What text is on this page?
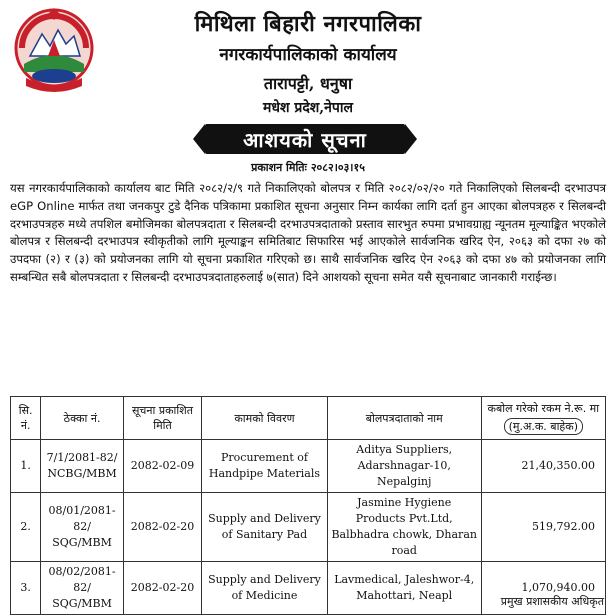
मिथिला बिहारी नगरपालिका
नगरकार्यपालिकाको कार्यालय
तारापट्टी, धनुषा
मधेश प्रदेश,नेपाल
आशयको सूचना
प्रकाशन मितिः २०८२।०३।१५
यस नगरकार्यपालिकाको कार्यालय बाट मिति २०८२/२/९ गते निकालिएको बोलपत्र र मिति २०८२/०२/२० गते निकालिएको सिलबन्दी दरभाउपत्र eGP Online मार्फत तथा जनकपुर टुडे दैनिक पत्रिकामा प्रकाशित सूचना अनुसार निम्न कार्यका लागि दर्ता हुन आएका बोलपत्रहरु र सिलबन्दी दरभाउपत्रहरु मध्ये तपशिल बमोजिमका बोलपत्रदाता र सिलबन्दी दरभाउपत्रदाताको प्रस्ताव सारभुत रुपमा प्रभावग्राह्य न्यूनतम मूल्याङ्कित भएकोले बोलपत्र र सिलबन्दी दरभाउपत्र स्वीकृतीको लागि मूल्याङ्कन समितिबाट सिफारिस भई आएकोले सार्वजनिक खरिद ऐन, २०६३ को दफा २७ को उपदफा (२) र (३) को प्रयोजनका लागि यो सूचना प्रकाशित गरिएको छ। साथै सार्वजनिक खरिद ऐन २०६३ को दफा ४७ को प्रयोजनका लागि सम्बन्धित सबै बोलपत्रदाता र सिलबन्दी दरभाउपत्रदाताहरुलाई ७(सात) दिने आशयको सूचना समेत यसै सूचनाबाट जानकारी गराईन्छ।
सि. नं.	ठेक्का नं.	सूचना प्रकाशित मिति	कामको विवरण	बोलपत्रदाताको नाम	कबोल गरेको रकम ने.रू. मा
(मु.अ.क. बाहेक)
1.	7/1/2081-82/ NCBG/MBM	2082-02-09	Procurement of Handpipe Materials	Aditya Suppliers, Adarshnagar-10, Nepalginj	21,40,350.00
2.	08/01/2081-82/ SQG/MBM	2082-02-20	Supply and Delivery of Sanitary Pad	Jasmine Hygiene Products Pvt.Ltd, Balbhadra chowk, Dharan road	519,792.00
3.	08/02/2081-82/ SQG/MBM	2082-02-20	Supply and Delivery of Medicine	Lavmedical, Jaleshwor-4, Mahottari, Neapl	1,070,940.00
प्रमुख प्रशासकीय अधिकृत
